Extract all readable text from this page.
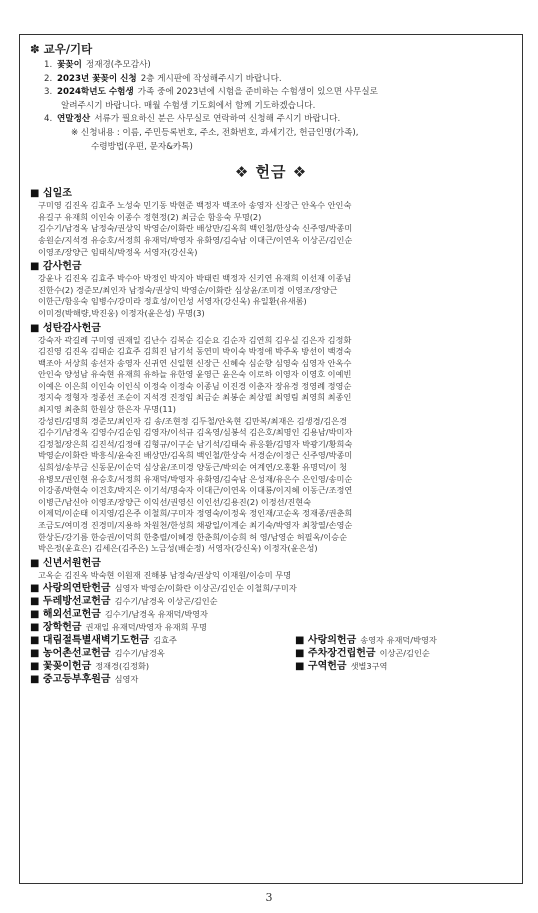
✽ 교우/기타
1. 꽃꽂이 정재경(추모감사)
2. 2023년 꽃꽂이 신청 2층 게시판에 작성해주시기 바랍니다.
3. 2024학년도 수험생 가족 중에 2023년에 시험을 준비하는 수험생이 있으면 사무실로
알려주시기 바랍니다. 매월 수험생 기도회에서 함께 기도하겠습니다.
4. 연말정산 서류가 필요하신 분은 사무실로 연락하여 신청해 주시기 바랍니다.
※ 신청내용 : 이름, 주민등록번호, 주소, 전화번호, 과세기간, 헌금인명(가족),
수령방법(우편, 문자&카톡)
❖ 헌금 ❖
■ 십일조
구미영 김진옥 김효주 노성숙 민기동 박현준 백정자 백조아 송영자 신장근 안옥수 안인숙
유길구 유재희 이인숙 이종수 정현정(2) 최금순 함응숙 무명(2)
김수기/남경옥 남정숙/권상익 박영순/이화란 배상만/김옥희 백인철/한상숙 신주영/박종미
송원순/지석경 유승호/서정희 유재덕/박영자 유화영/김숙남 이대근/이연옥 이상곤/김인순
이영조/장양근 임태식/박정옥 서영자(강신욱)
■ 감사헌금
강윤나 김진옥 김효주 박수아 박정인 박지아 박태린 백정자 신키연 유재희 이선재 이종님
진한수(2) 경준모/최인자 남정숙/권상익 박영순/이화란 심상윤/조미경 이영조/장양근
이한근/함응숙 임병수/강미라 정효성/이인성 서영자(강신욱) 유일환(유새롬)
이미경(박해량,박진웅) 이정자(윤은성) 무명(3)
■ 성탄감사헌금
강숙자 곽길례 구미영 권재일 김난수 김복순 김순요 김순자 김연희 김우실 김은자 김정화
김진영 김진옥 김태순 김효주 김희진 남기석 동연미 박이숙 박정애 박주옥 방선이 백경숙
백조아 서상희 송선자 송영자 신귀연 신일현 신장근 신혜숙 심순향 심영숙 심영자 안옥수
안인숙 양성남 유숙현 유재희 유하늘 유한영 윤영근 윤은숙 이로하 이영자 이영호 이예빈
이예은 이은희 이인숙 이인식 이정숙 이정숙 이종님 이진경 이춘자 장유경 정영례 정영순
정지숙 정형자 정종선 조순이 지석경 진정임 최금순 최봉순 최상필 최영림 최영희 최종인
최지영 최춘희 한원상 한은자 무명(11)
강성린/김명희 경준모/최인자 김 송/조현정 김두철/안옥현 김만복/최재은 김생경/김은경
김수기/남경옥 김영수/김순임 김영자/이석규 김옥영/심봉석 김은호/최명인 김용남/박미자
김정철/장은희 김진석/김정애 김형규/이구순 남기석/김태숙 류응환/김명자 박광기/황희숙
박영순/이화란 박흥식/윤숙진 배상만/김옥희 백인철/한상숙 서경순/이정근 신주영/박종미
심희성/송부금 신동문/이순덕 심상윤/조미경 양동근/박의순 여계연/오홍환 유명덕/이 청
유병모/권인현 유승호/서정희 유재덕/박영자 유화영/김숙남 은성재/유은수 은인영/송미순
이강종/박현숙 이건호/박지은 이기석/명숙자 이대근/이연옥 이대룡/이지혜 이동근/조정연
이병근/남신아 이영조/장양근 이익선/권영신 이인선/김용진(2) 이정선/진현숙
이제덕/이순태 이지영/김은주 이철희/구미자 정영숙/이정욱 정인재/고순옥 정재종/권춘희
조금도/여미경 진경미/지용하 차원천/한성희 채광일/이계순 최기숙/박영자 최창열/손영순
한상돈/강기름 한승권/이덕희 한충렬/이혜경 한춘희/이승희 허 영/남영순 허필옥/이승순
박은정(윤효은) 김세은(김주은) 노금성(배순정) 서영자(강신욱) 이정자(윤은성)
■ 신년서원헌금
고옥순 김진옥 박숙현 이원재 진해봉 남정숙/권상익 이재원/이승미 무명
■ 사랑의연탄헌금 심영자 박영순/이화란 이상곤/김인순 이철희/구미자
■ 두레방선교헌금 김수기/남경옥 이상곤/김인순
■ 해외선교헌금 김수기/남경옥 유재덕/박영자
■ 장학헌금 권재일 유재덕/박영자 유재희 무명
■ 대림절특별새벽기도헌금 김효주	■ 사랑의헌금 송영자 유재덕/박영자
■ 농어촌선교헌금 김수기/남경옥	■ 주차장건립헌금 이상곤/김인순
■ 꽃꽂이헌금 정재경(김정화)	■ 구역헌금 샛별3구역
■ 중고등부후원금 심영자
3
